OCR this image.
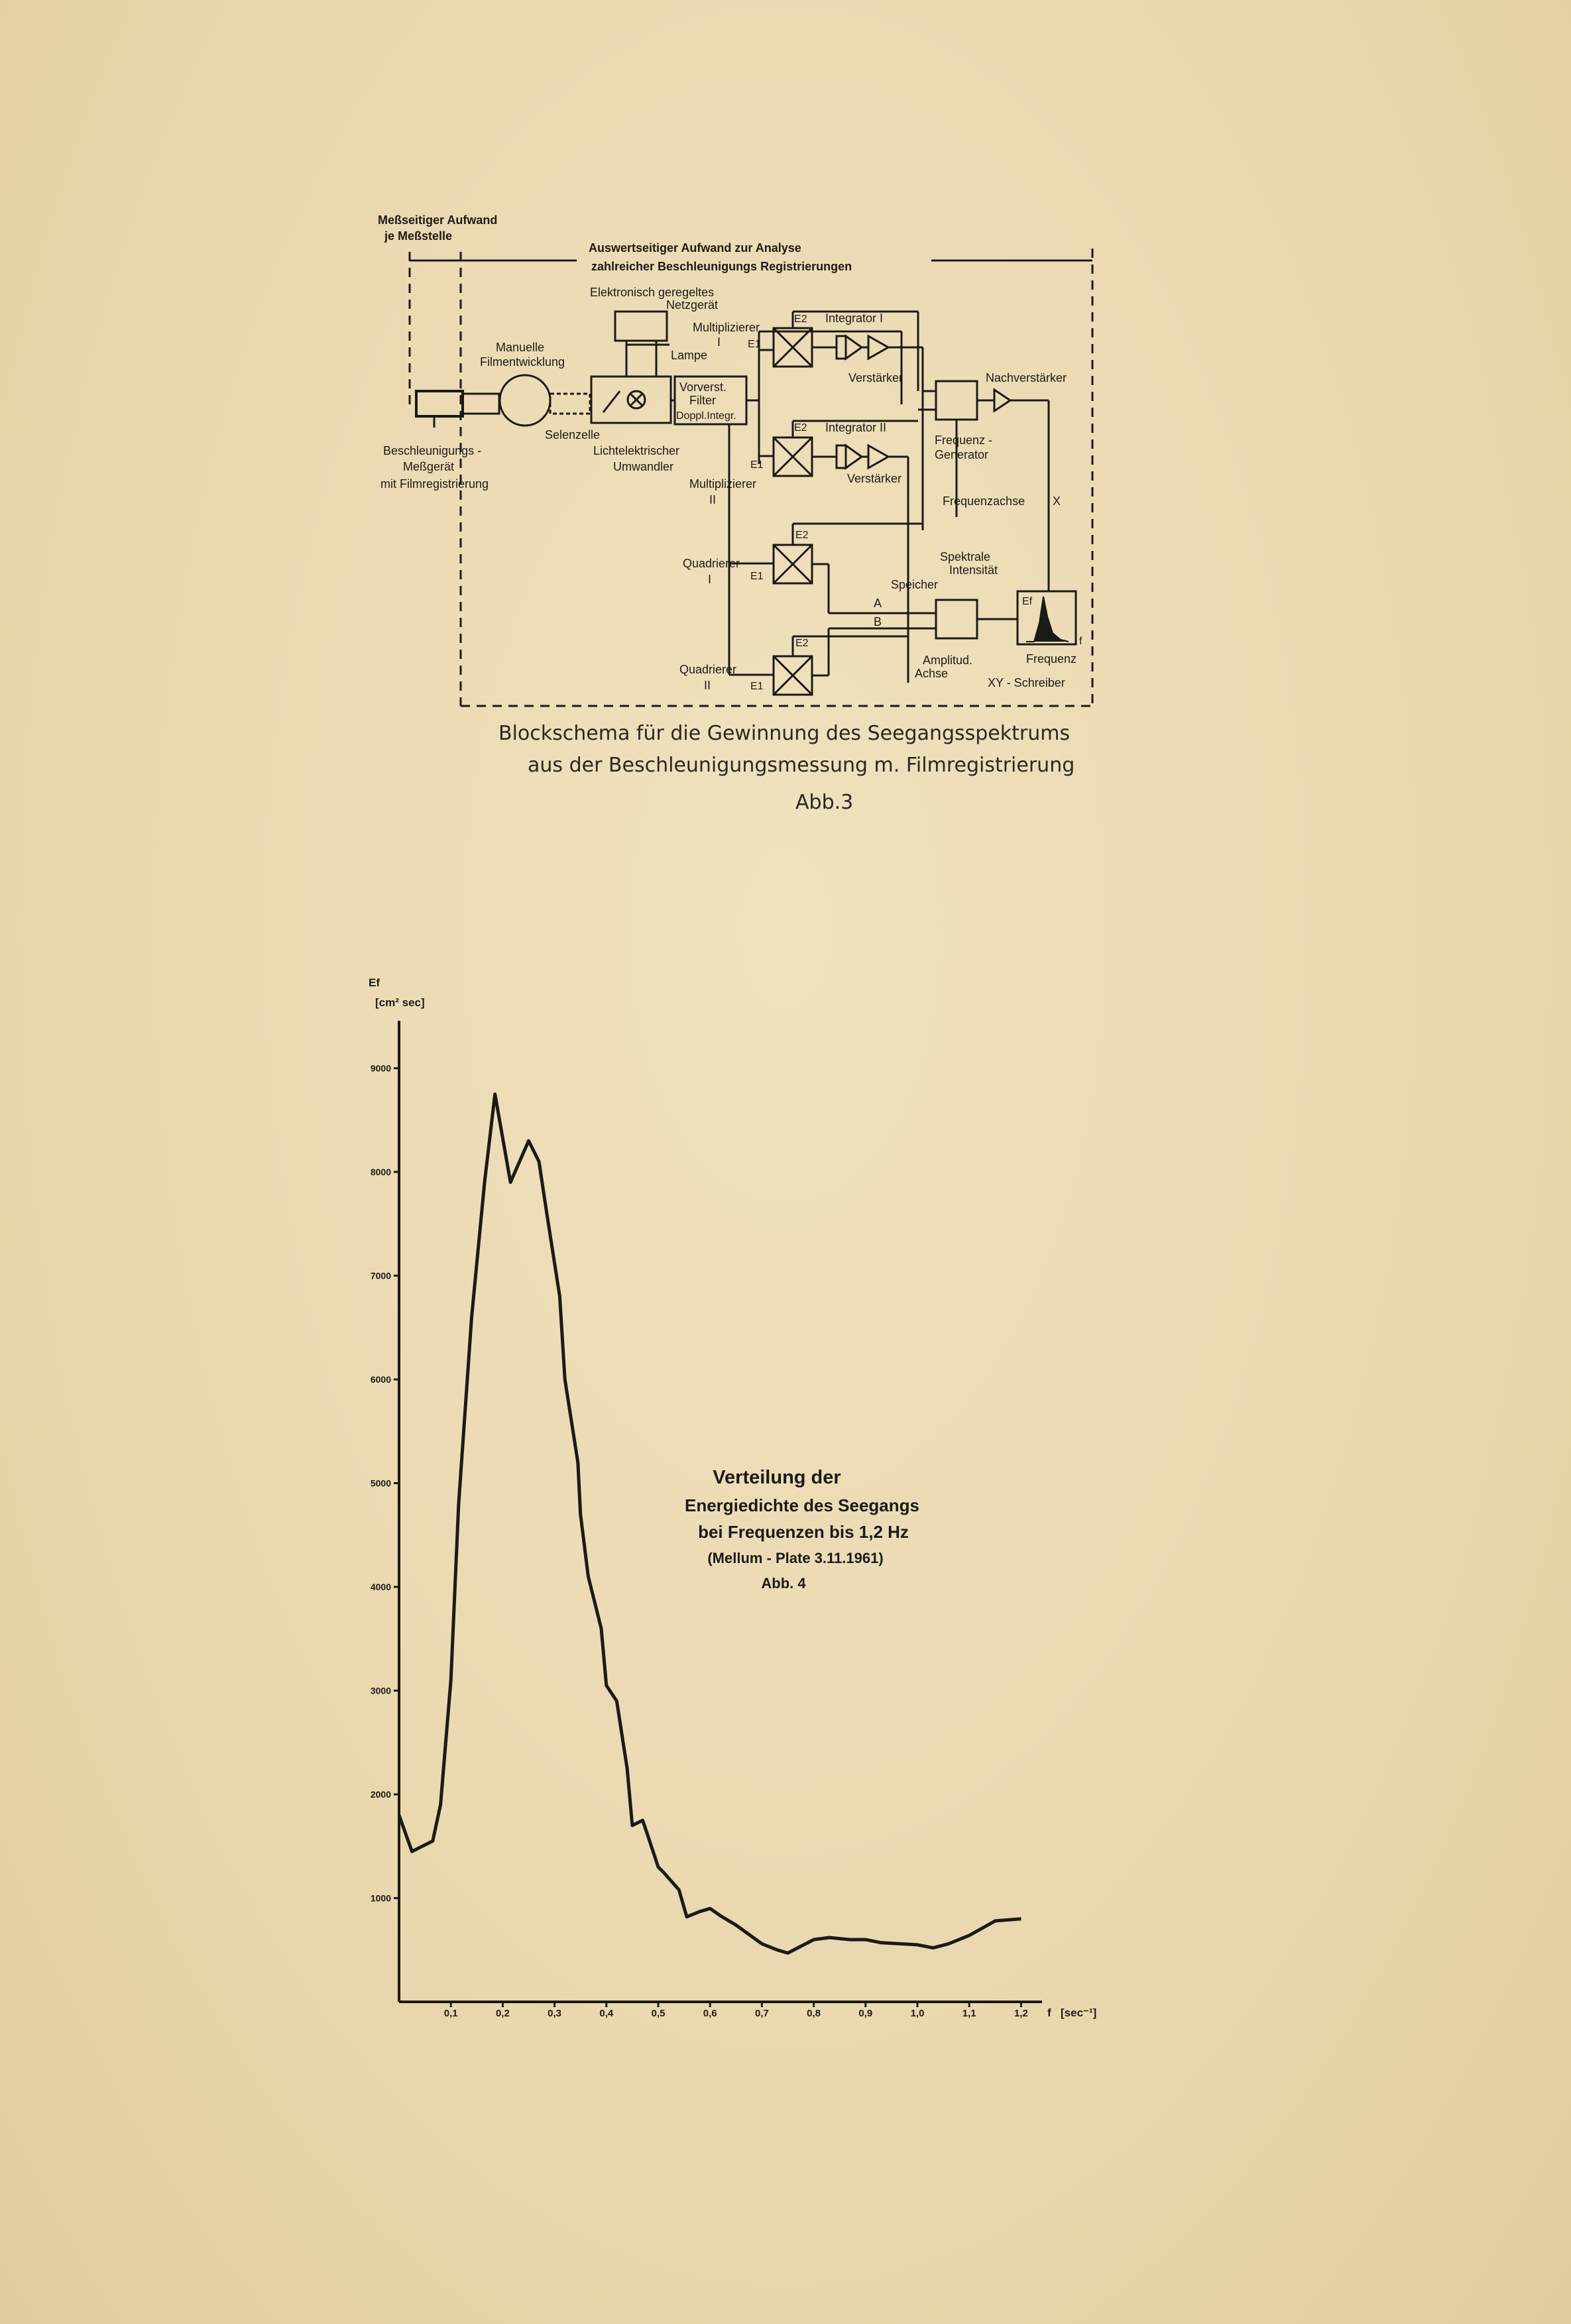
Meßseitiger Aufwand
je Meßstelle
Auswertseitiger Aufwand zur Analyse
zahlreicher Beschleunigungs Registrierungen
Elektronisch geregeltes
Netzgerät
Manuelle
Filmentwicklung	Lampe
Selenzelle
Lichtelektrischer
Umwandler
Beschleunigungs -
Meßgerät
mit Filmregistrierung
Vorverst.
Filter
Doppl.Integr.
Multiplizierer
I
Multiplizierer
II
Integrator I
Integrator II
Verstärker
Verstärker
Nachverstärker
Frequenz -
Generator
Frequenzachse X
Spektrale
Intensität
Speicher
Quadrierer
I
Quadrierer
II
Amplitud.
Achse
Frequenz
XY - Schreiber
Ef
f
A
B
E1
E2
E1
E2
E1
E2
E1
E2
Blockschema für die Gewinnung des Seegangsspektrums
aus der Beschleunigungsmessung m. Filmregistrierung
Abb.3
0,1	0,2	0,3	0,4	0,5	0,6	0,7	0,8	0,9	1,0	1,1	1,2
1000
2000
3000
4000
5000
6000
7000
8000
9000
Ef
[cm² sec]
f [sec⁻¹]
Verteilung der
Energiedichte des Seegangs
bei Frequenzen bis 1,2 Hz
(Mellum - Plate 3.11.1961)
Abb. 4
